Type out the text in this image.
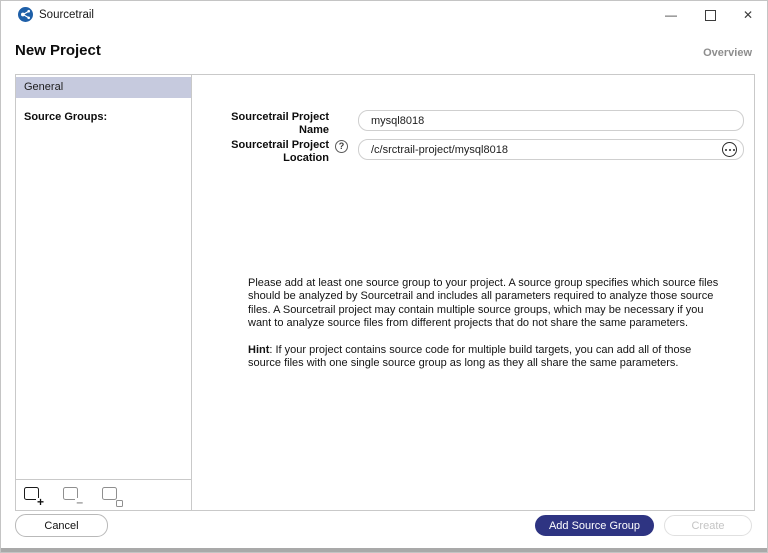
Sourcetrail	—	✕
New Project	Overview
General
Source Groups:
+	–
Sourcetrail Project Name
mysql8018
Sourcetrail Project Location
?
/c/srctrail-project/mysql8018

Please add at least one source group to your project. A source group specifies which source files should be analyzed by Sourcetrail and includes all parameters required to analyze those source files. A Sourcetrail project may contain multiple source groups, which may be necessary if you want to analyze source files from different projects that do not share the same parameters.

Hint: If your project contains source code for multiple build targets, you can add all of those source files with one single source group as long as they all share the same parameters.

Cancel	Add Source Group	Create
